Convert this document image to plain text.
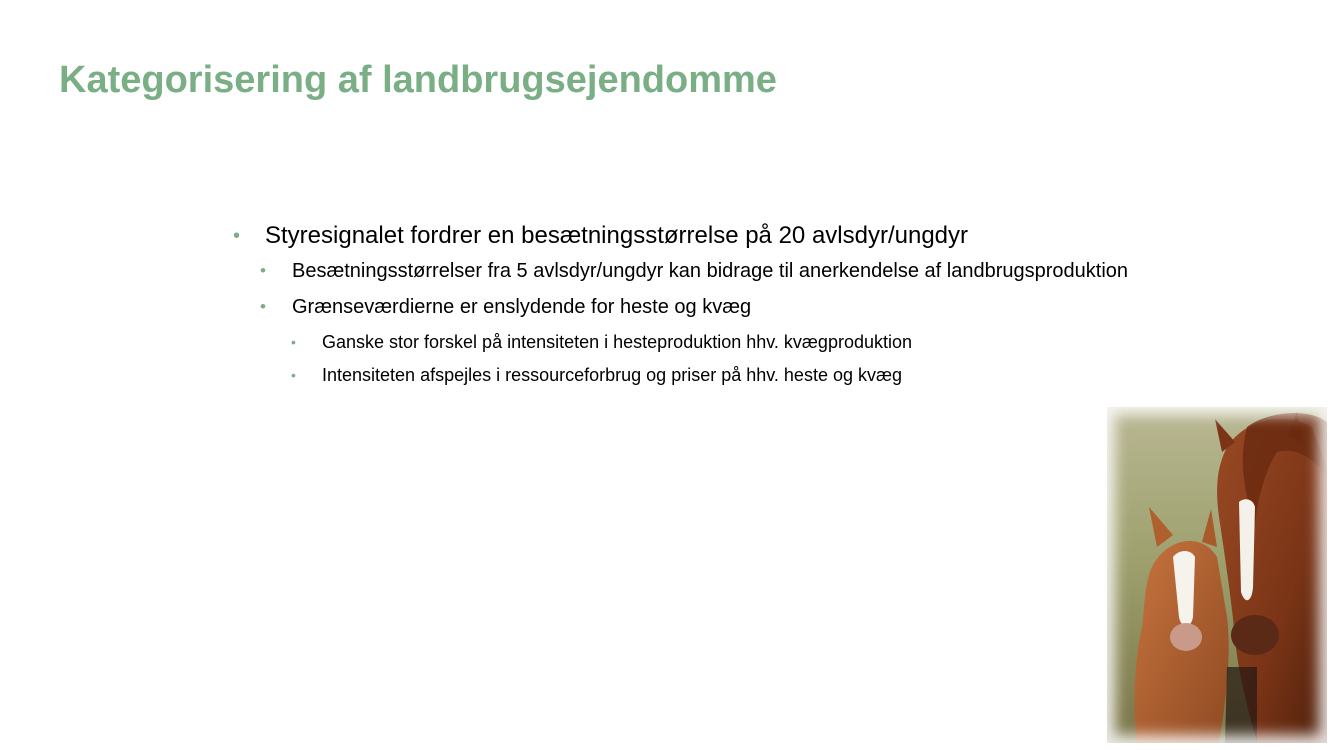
Kategorisering af landbrugsejendomme
• Styresignalet fordrer en besætningsstørrelse på 20 avlsdyr/ungdyr
• Besætningsstørrelser fra 5 avlsdyr/ungdyr kan bidrage til anerkendelse af landbrugsproduktion
• Grænseværdierne er enslydende for heste og kvæg
• Ganske stor forskel på intensiteten i hesteproduktion hhv. kvægproduktion
• Intensiteten afspejles i ressourceforbrug og priser på hhv. heste og kvæg
